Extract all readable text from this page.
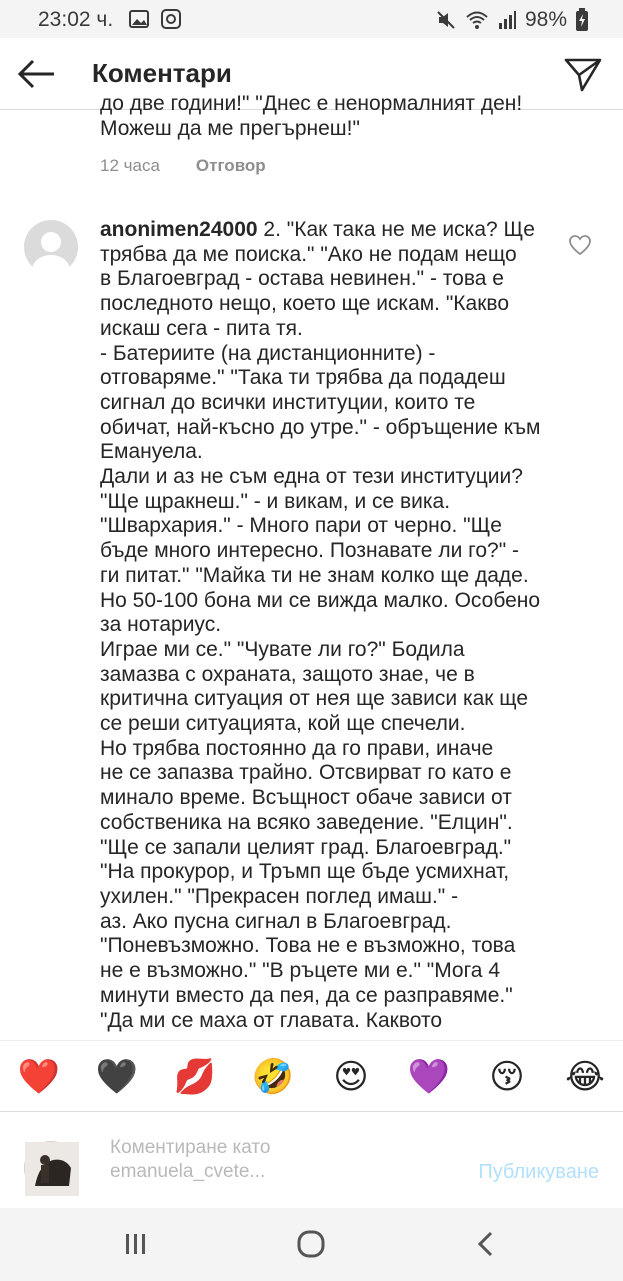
23:02 ч.	98%
Коментари
до две години!" "Днес е ненормалният ден!
Можеш да ме прегърнеш!"
12 часа Отговор
anonimen24000 2. "Как така не ме иска? Ще
трябва да ме поиска." "Ако не подам нещо
в Благоевград - остава невинен." - това е
последното нещо, което ще искам. "Какво
искаш сега - пита тя.
- Батериите (на дистанционните) -
отговаряме." "Така ти трябва да подадеш
сигнал до всички институции, които те
обичат, най-късно до утре." - обръщение към
Емануела.
Дали и аз не съм една от тези институции?
"Ще щракнеш." - и викам, и се вика.
"Швархария." - Много пари от черно. "Ще
бъде много интересно. Познавате ли го?" -
ги питат." "Майка ти не знам колко ще даде.
Но 50-100 бона ми се вижда малко. Особено
за нотариус.
Играе ми се." "Чувате ли го?" Бодила
замазва с охраната, защото знае, че в
критична ситуация от нея ще зависи как ще
се реши ситуацията, кой ще спечели.
Но трябва постоянно да го прави, иначе
не се запазва трайно. Отсвирват го като е
минало време. Всъщност обаче зависи от
собственика на всяко заведение. "Елцин".
"Ще се запали целият град. Благоевград."
"На прокурор, и Тръмп ще бъде усмихнат,
ухилен." "Прекрасен поглед имаш." -
аз. Ако пусна сигнал в Благоевград.
"Поневъзможно. Това не е възможно, това
не е възможно." "В ръцете ми е." "Мога 4
минути вместо да пея, да се разправяме."
"Да ми се маха от главата. Каквото
❤️ 🖤 💋 🤣 😍 💜 😚 😂
Коментиране като emanuela_cvete...	Публикуване
